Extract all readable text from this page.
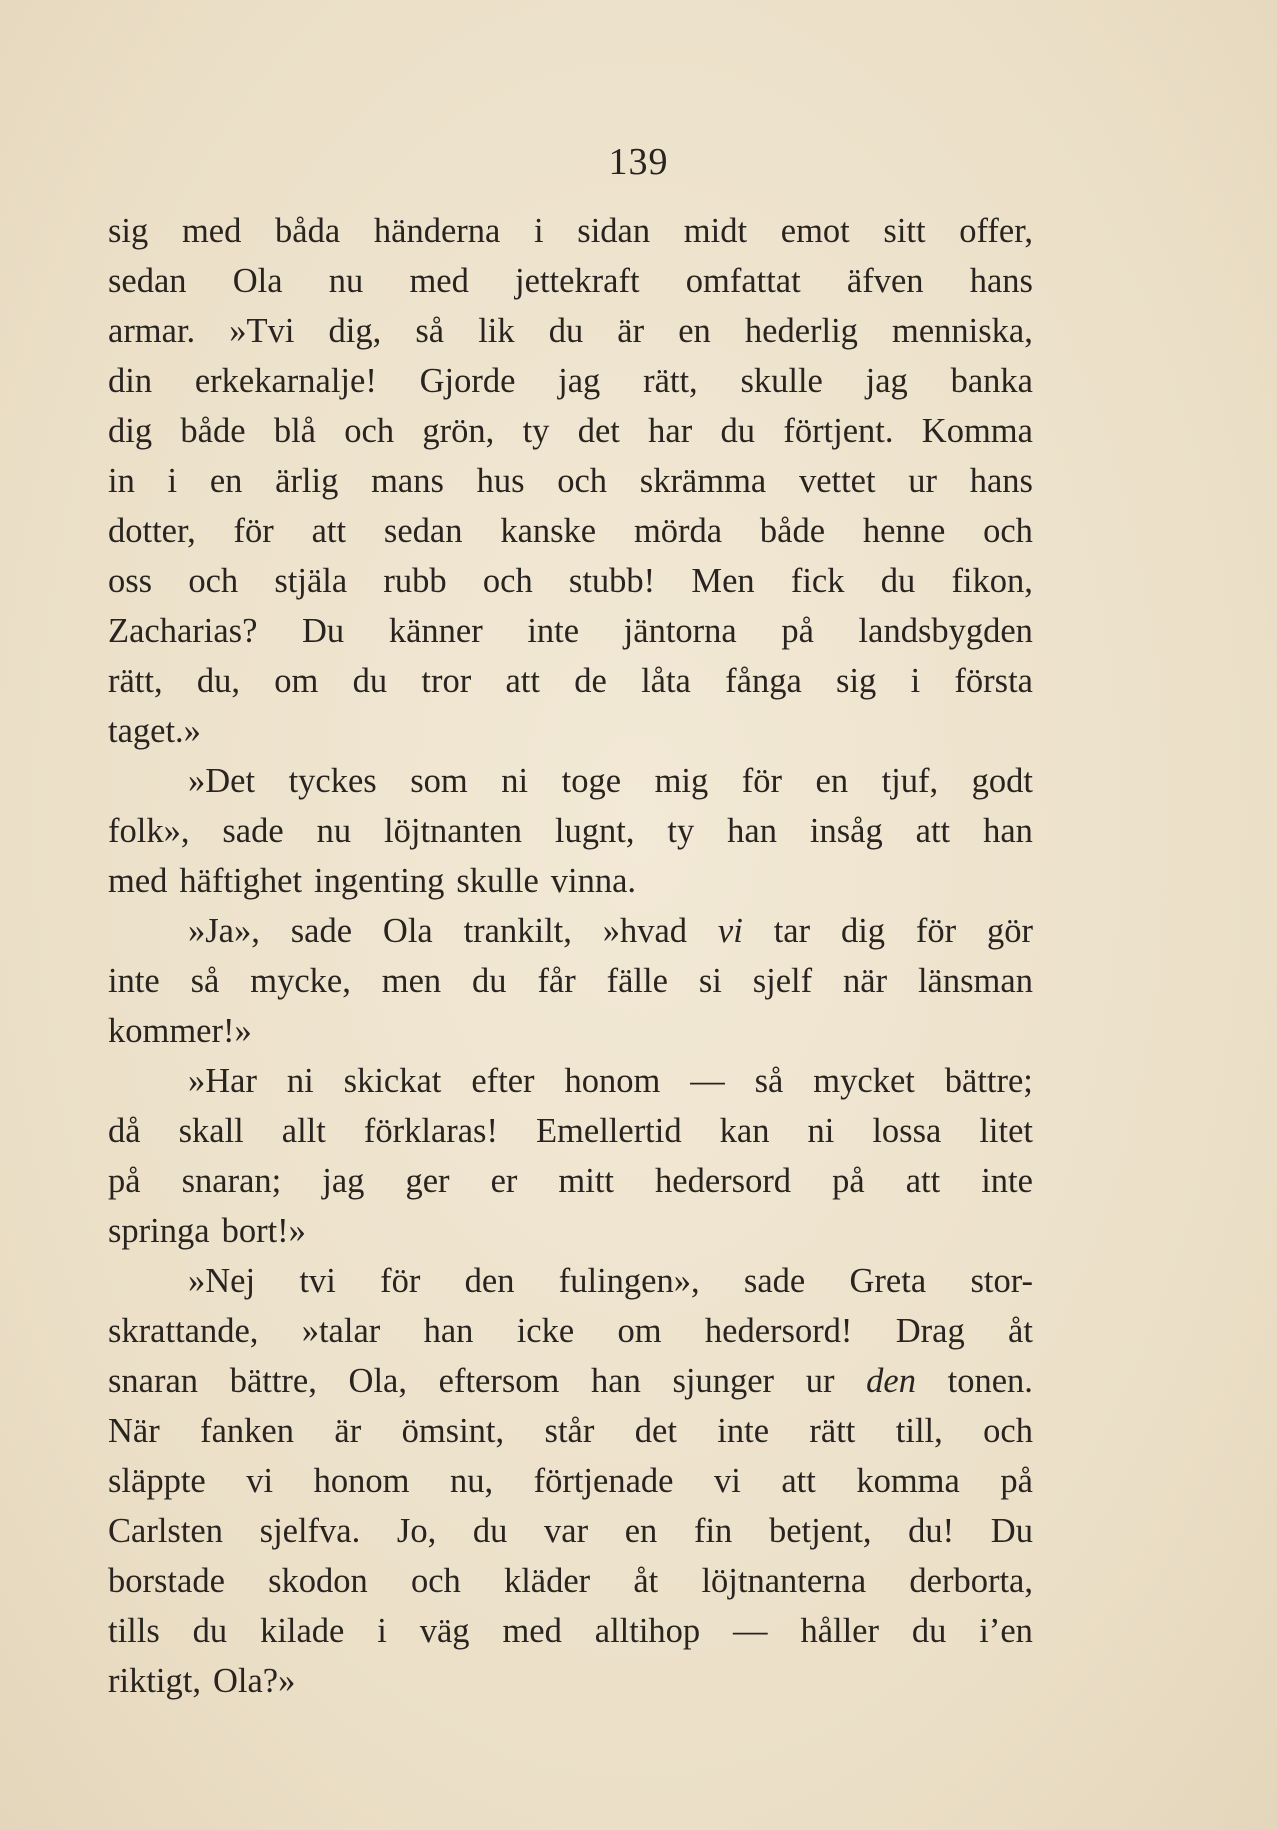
139
sig med båda händerna i sidan midt emot sitt offer,
sedan Ola nu med jettekraft omfattat äfven hans
armar. »Tvi dig, så lik du är en hederlig menniska,
din erkekarnalje! Gjorde jag rätt, skulle jag banka
dig både blå och grön, ty det har du förtjent. Komma
in i en ärlig mans hus och skrämma vettet ur hans
dotter, för att sedan kanske mörda både henne och
oss och stjäla rubb och stubb! Men fick du fikon,
Zacharias? Du känner inte jäntorna på landsbygden
rätt, du, om du tror att de låta fånga sig i första
taget.»
»Det tyckes som ni toge mig för en tjuf, godt
folk», sade nu löjtnanten lugnt, ty han insåg att han
med häftighet ingenting skulle vinna.
»Ja», sade Ola trankilt, »hvad vi tar dig för gör
inte så mycke, men du får fälle si sjelf när länsman
kommer!»
»Har ni skickat efter honom — så mycket bättre;
då skall allt förklaras! Emellertid kan ni lossa litet
på snaran; jag ger er mitt hedersord på att inte
springa bort!»
»Nej tvi för den fulingen», sade Greta stor-
skrattande, »talar han icke om hedersord! Drag åt
snaran bättre, Ola, eftersom han sjunger ur den tonen.
När fanken är ömsint, står det inte rätt till, och
släppte vi honom nu, förtjenade vi att komma på
Carlsten sjelfva. Jo, du var en fin betjent, du! Du
borstade skodon och kläder åt löjtnanterna derborta,
tills du kilade i väg med alltihop — håller du i’en
riktigt, Ola?»
